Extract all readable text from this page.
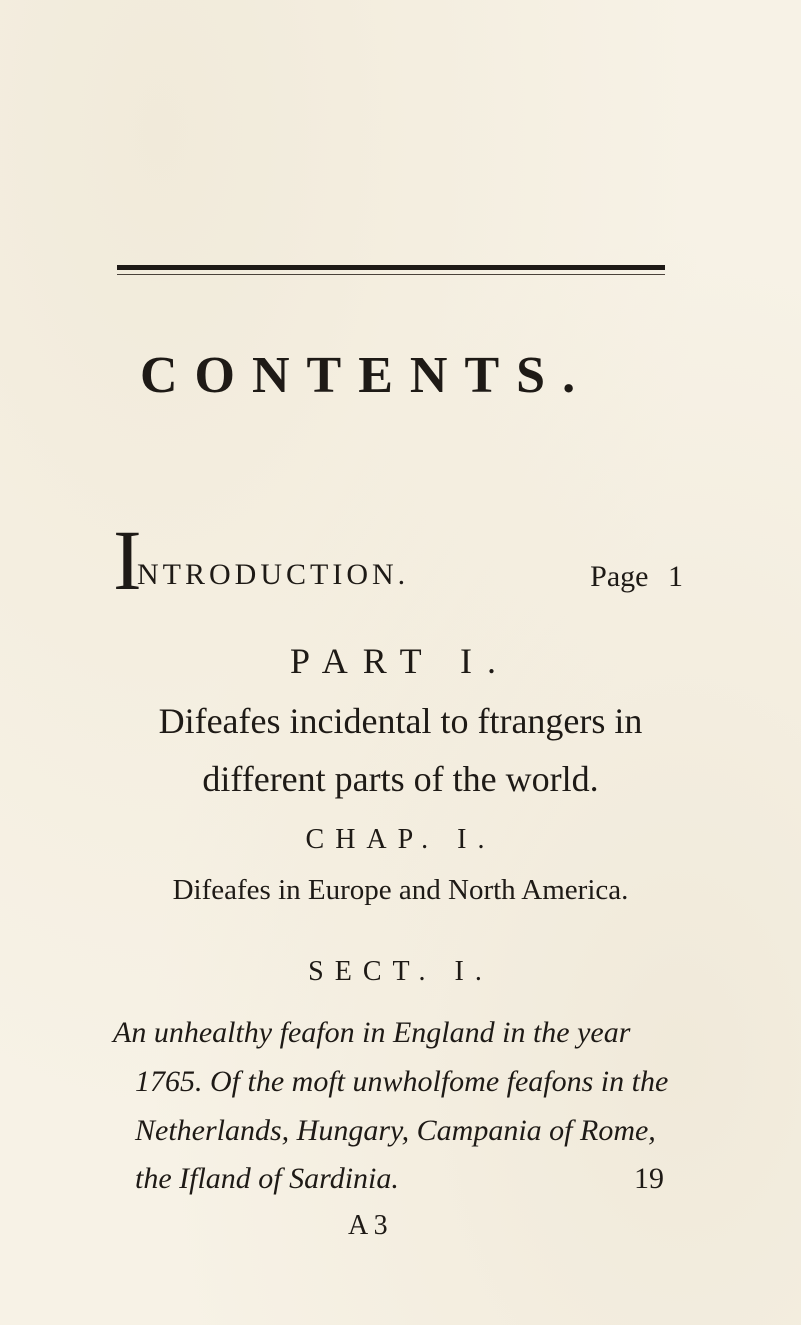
CONTENTS.
I
NTRODUCTION.	Page 1
PART I.
Difeafes incidental to ftrangers in
different parts of the world.
CHAP. I.
Difeafes in Europe and North America.
SECT. I.
An unhealthy feafon in England in the year
1765. Of the moft unwholfome feafons in the
Netherlands, Hungary, Campania of Rome,
the Ifland of Sardinia.	19
A 3
